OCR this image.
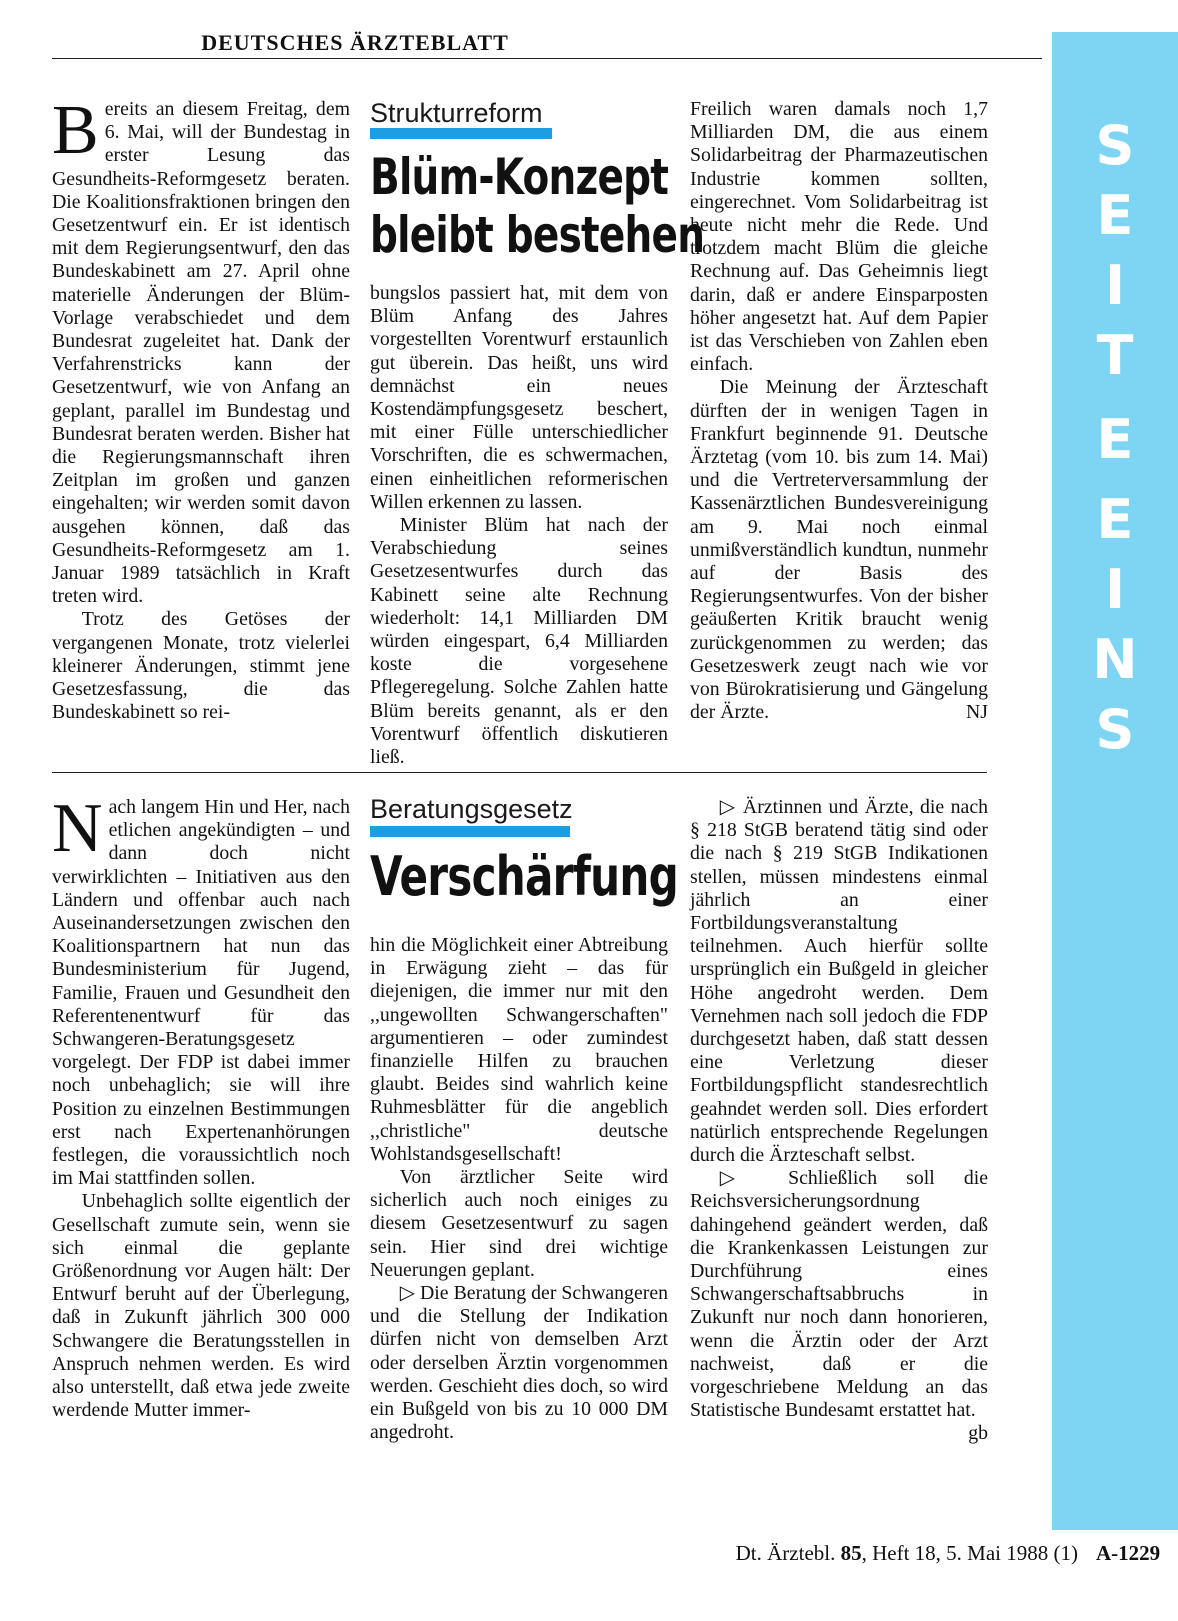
DEUTSCHES ÄRZTEBLATT
S
E
I
T
E
E
I
N
S

Bereits an diesem Freitag, dem 6. Mai, will der Bundestag in erster Lesung das Gesundheits-Reformgesetz beraten. Die Koalitionsfraktionen bringen den Gesetzentwurf ein. Er ist identisch mit dem Regierungsentwurf, den das Bundeskabinett am 27. April ohne materielle Änderungen der Blüm-Vorlage verabschiedet und dem Bundesrat zugeleitet hat. Dank der Verfahrenstricks kann der Gesetzentwurf, wie von Anfang an geplant, parallel im Bundestag und Bundesrat beraten werden. Bisher hat die Regierungsmannschaft ihren Zeitplan im großen und ganzen eingehalten; wir werden somit davon ausgehen können, daß das Gesundheits-Reformgesetz am 1. Januar 1989 tatsächlich in Kraft treten wird.

Trotz des Getöses der vergangenen Monate, trotz vielerlei kleinerer Änderungen, stimmt jene Gesetzesfassung, die das Bundeskabinett so rei-

Strukturreform
Blüm-Konzept
bleibt bestehen

bungslos passiert hat, mit dem von Blüm Anfang des Jahres vorgestellten Vorentwurf erstaunlich gut überein. Das heißt, uns wird demnächst ein neues Kostendämpfungsgesetz beschert, mit einer Fülle unterschiedlicher Vorschriften, die es schwermachen, einen einheitlichen reformerischen Willen erkennen zu lassen.

Minister Blüm hat nach der Verabschiedung seines Gesetzesentwurfes durch das Kabinett seine alte Rechnung wiederholt: 14,1 Milliarden DM würden eingespart, 6,4 Milliarden koste die vorgesehene Pflegeregelung. Solche Zahlen hatte Blüm bereits genannt, als er den Vorentwurf öffentlich diskutieren ließ.

Freilich waren damals noch 1,7 Milliarden DM, die aus einem Solidarbeitrag der Pharmazeutischen Industrie kommen sollten, eingerechnet. Vom Solidarbeitrag ist heute nicht mehr die Rede. Und trotzdem macht Blüm die gleiche Rechnung auf. Das Geheimnis liegt darin, daß er andere Einsparposten höher angesetzt hat. Auf dem Papier ist das Verschieben von Zahlen eben einfach.

Die Meinung der Ärzteschaft dürften der in wenigen Tagen in Frankfurt beginnende 91. Deutsche Ärztetag (vom 10. bis zum 14. Mai) und die Vertreterversammlung der Kassenärztlichen Bundesvereinigung am 9. Mai noch einmal unmißverständlich kundtun, nunmehr auf der Basis des Regierungsentwurfes. Von der bisher geäußerten Kritik braucht wenig zurückgenommen zu werden; das Gesetzeswerk zeugt nach wie vor von Bürokratisierung und Gängelung der Ärzte.	NJ

Nach langem Hin und Her, nach etlichen angekündigten – und dann doch nicht verwirklichten – Initiativen aus den Ländern und offenbar auch nach Auseinandersetzungen zwischen den Koalitionspartnern hat nun das Bundesministerium für Jugend, Familie, Frauen und Gesundheit den Referentenentwurf für das Schwangeren-Beratungsgesetz vorgelegt. Der FDP ist dabei immer noch unbehaglich; sie will ihre Position zu einzelnen Bestimmungen erst nach Expertenanhörungen festlegen, die voraussichtlich noch im Mai stattfinden sollen.

Unbehaglich sollte eigentlich der Gesellschaft zumute sein, wenn sie sich einmal die geplante Größenordnung vor Augen hält: Der Entwurf beruht auf der Überlegung, daß in Zukunft jährlich 300 000 Schwangere die Beratungsstellen in Anspruch nehmen werden. Es wird also unterstellt, daß etwa jede zweite werdende Mutter immer-

Beratungsgesetz
Verschärfung

hin die Möglichkeit einer Abtreibung in Erwägung zieht – das für diejenigen, die immer nur mit den ,,ungewollten Schwangerschaften" argumentieren – oder zumindest finanzielle Hilfen zu brauchen glaubt. Beides sind wahrlich keine Ruhmesblätter für die angeblich ,,christliche" deutsche Wohlstandsgesellschaft!

Von ärztlicher Seite wird sicherlich auch noch einiges zu diesem Gesetzesentwurf zu sagen sein. Hier sind drei wichtige Neuerungen geplant.

▷ Die Beratung der Schwangeren und die Stellung der Indikation dürfen nicht von demselben Arzt oder derselben Ärztin vorgenommen werden. Geschieht dies doch, so wird ein Bußgeld von bis zu 10 000 DM angedroht.

▷ Ärztinnen und Ärzte, die nach § 218 StGB beratend tätig sind oder die nach § 219 StGB Indikationen stellen, müssen mindestens einmal jährlich an einer Fortbildungsveranstaltung teilnehmen. Auch hierfür sollte ursprünglich ein Bußgeld in gleicher Höhe angedroht werden. Dem Vernehmen nach soll jedoch die FDP durchgesetzt haben, daß statt dessen eine Verletzung dieser Fortbildungspflicht standesrechtlich geahndet werden soll. Dies erfordert natürlich entsprechende Regelungen durch die Ärzteschaft selbst.

▷ Schließlich soll die Reichsversicherungsordnung dahingehend geändert werden, daß die Krankenkassen Leistungen zur Durchführung eines Schwangerschaftsabbruchs in Zukunft nur noch dann honorieren, wenn die Ärztin oder der Arzt nachweist, daß er die vorgeschriebene Meldung an das Statistische Bundesamt erstattet hat.
gb

Dt. Ärztebl. 85, Heft 18, 5. Mai 1988 (1) A-1229
